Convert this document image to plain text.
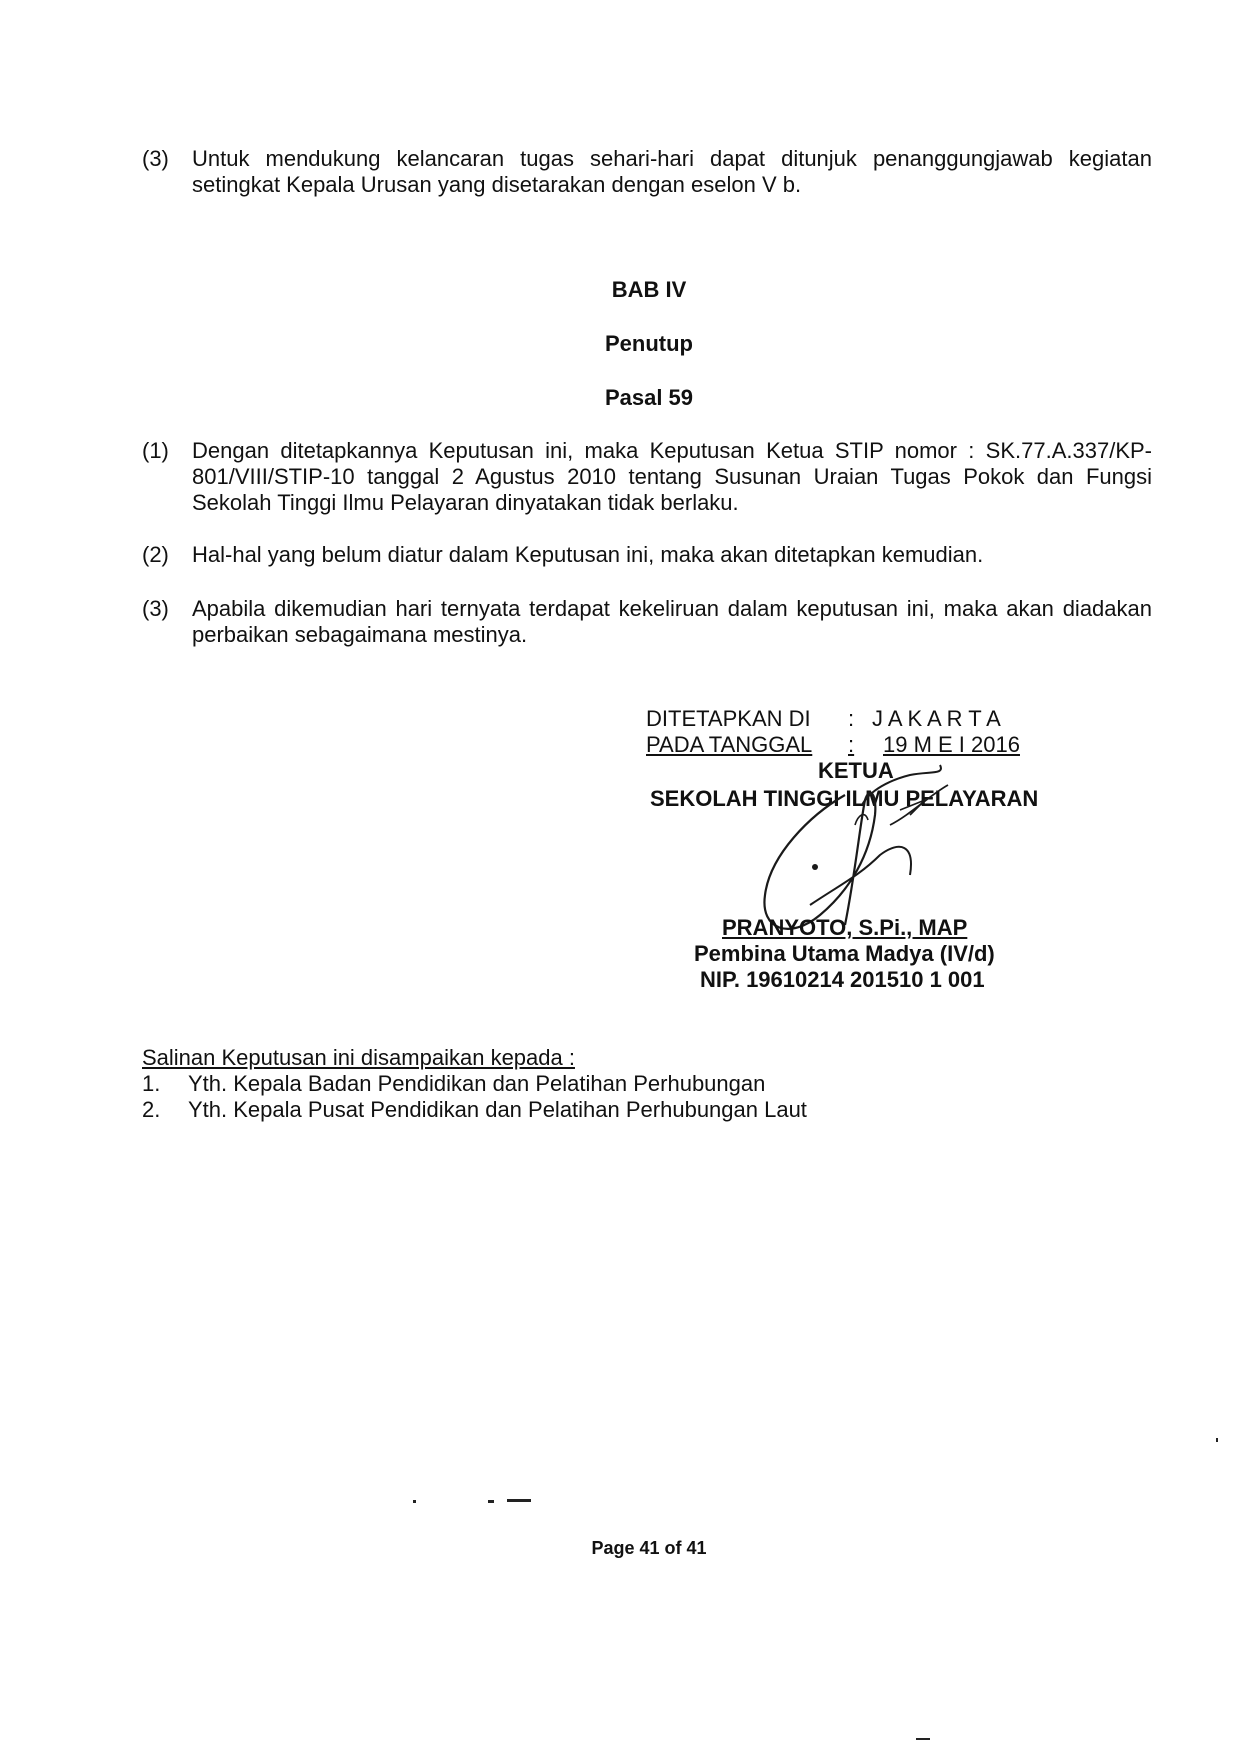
(3)	Untuk mendukung kelancaran tugas sehari-hari dapat ditunjuk penanggungjawab kegiatan setingkat Kepala Urusan yang disetarakan dengan eselon V b.
BAB IV
Penutup
Pasal 59
(1)	Dengan ditetapkannya Keputusan ini, maka Keputusan Ketua STIP nomor : SK.77.A.337/KP-801/VIII/STIP-10 tanggal 2 Agustus 2010 tentang Susunan Uraian Tugas Pokok dan Fungsi Sekolah Tinggi Ilmu Pelayaran dinyatakan tidak berlaku.
(2)	Hal-hal yang belum diatur dalam Keputusan ini, maka akan ditetapkan kemudian.
(3)	Apabila dikemudian hari ternyata terdapat kekeliruan dalam keputusan ini, maka akan diadakan perbaikan sebagaimana mestinya.
DITETAPKAN DI : J A K A R T A
PADA TANGGAL : 19 M E I 2016
KETUA
SEKOLAH TINGGI ILMU PELAYARAN
PRANYOTO, S.Pi., MAP
Pembina Utama Madya (IV/d)
NIP. 19610214 201510 1 001
Salinan Keputusan ini disampaikan kepada :
1. Yth. Kepala Badan Pendidikan dan Pelatihan Perhubungan
2. Yth. Kepala Pusat Pendidikan dan Pelatihan Perhubungan Laut
Page 41 of 41
